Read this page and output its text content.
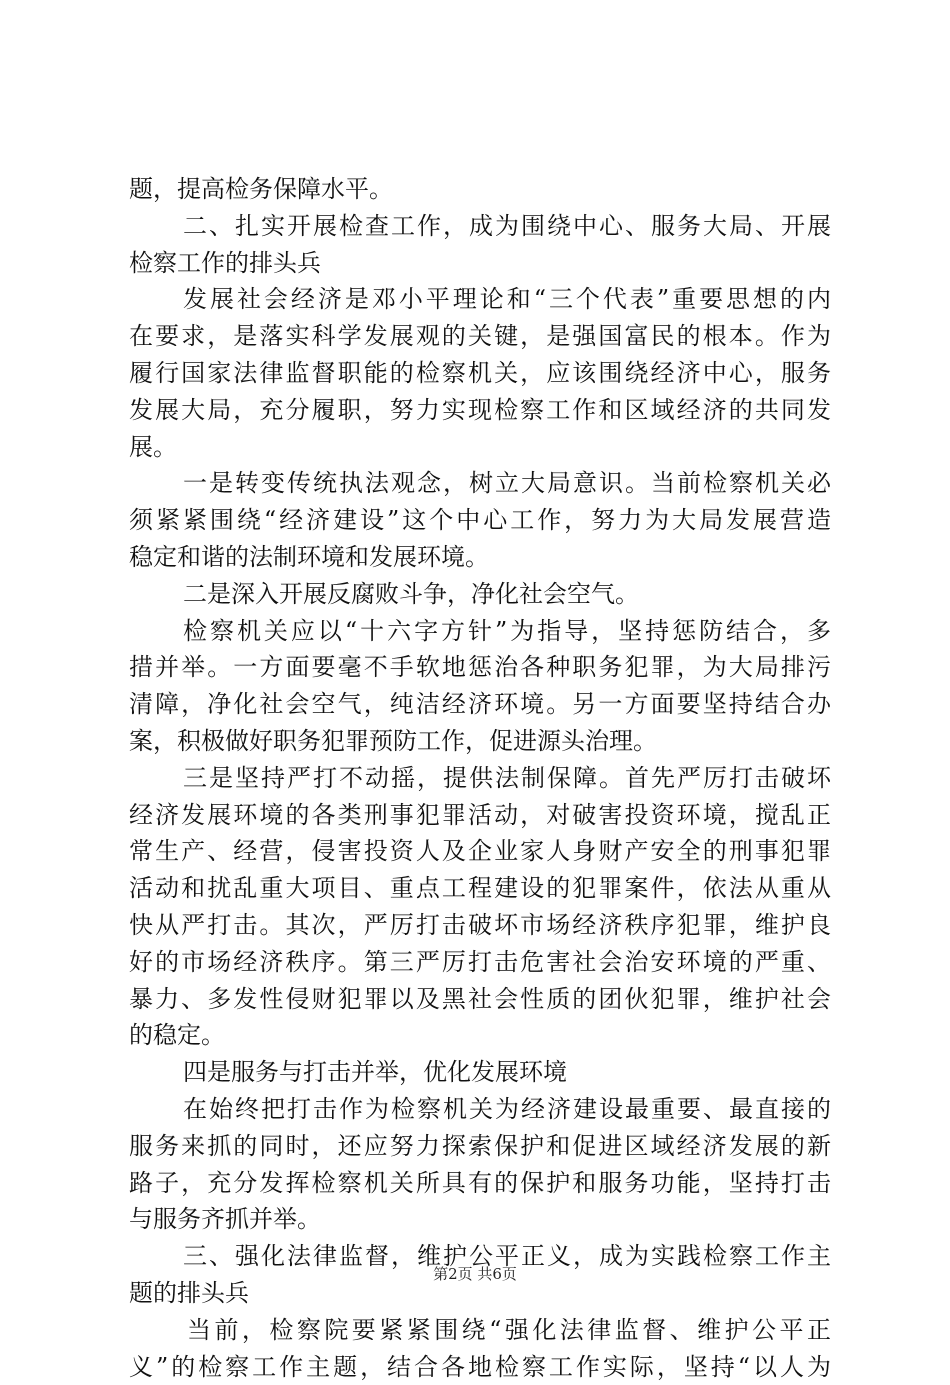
题，提高检务保障水平。
二、扎实开展检查工作，成为围绕中心、服务大局、开展
检察工作的排头兵
发展社会经济是邓小平理论和“三个代表”重要思想的内
在要求，是落实科学发展观的关键，是强国富民的根本。作为
履行国家法律监督职能的检察机关，应该围绕经济中心，服务
发展大局，充分履职，努力实现检察工作和区域经济的共同发
展。
一是转变传统执法观念，树立大局意识。当前检察机关必
须紧紧围绕“经济建设”这个中心工作，努力为大局发展营造
稳定和谐的法制环境和发展环境。
二是深入开展反腐败斗争，净化社会空气。
检察机关应以“十六字方针”为指导，坚持惩防结合，多
措并举。一方面要毫不手软地惩治各种职务犯罪，为大局排污
清障，净化社会空气，纯洁经济环境。另一方面要坚持结合办
案，积极做好职务犯罪预防工作，促进源头治理。
三是坚持严打不动摇，提供法制保障。首先严厉打击破坏
经济发展环境的各类刑事犯罪活动，对破害投资环境，搅乱正
常生产、经营，侵害投资人及企业家人身财产安全的刑事犯罪
活动和扰乱重大项目、重点工程建设的犯罪案件，依法从重从
快从严打击。其次，严厉打击破坏市场经济秩序犯罪，维护良
好的市场经济秩序。第三严厉打击危害社会治安环境的严重、
暴力、多发性侵财犯罪以及黑社会性质的团伙犯罪，维护社会
的稳定。
四是服务与打击并举，优化发展环境
在始终把打击作为检察机关为经济建设最重要、最直接的
服务来抓的同时，还应努力探索保护和促进区域经济发展的新
路子，充分发挥检察机关所具有的保护和服务功能，坚持打击
与服务齐抓并举。
三、强化法律监督，维护公平正义，成为实践检察工作主
题的排头兵
当前，检察院要紧紧围绕“强化法律监督、维护公平正
义”的检察工作主题，结合各地检察工作实际，坚持“以人为
第2页 共6页
